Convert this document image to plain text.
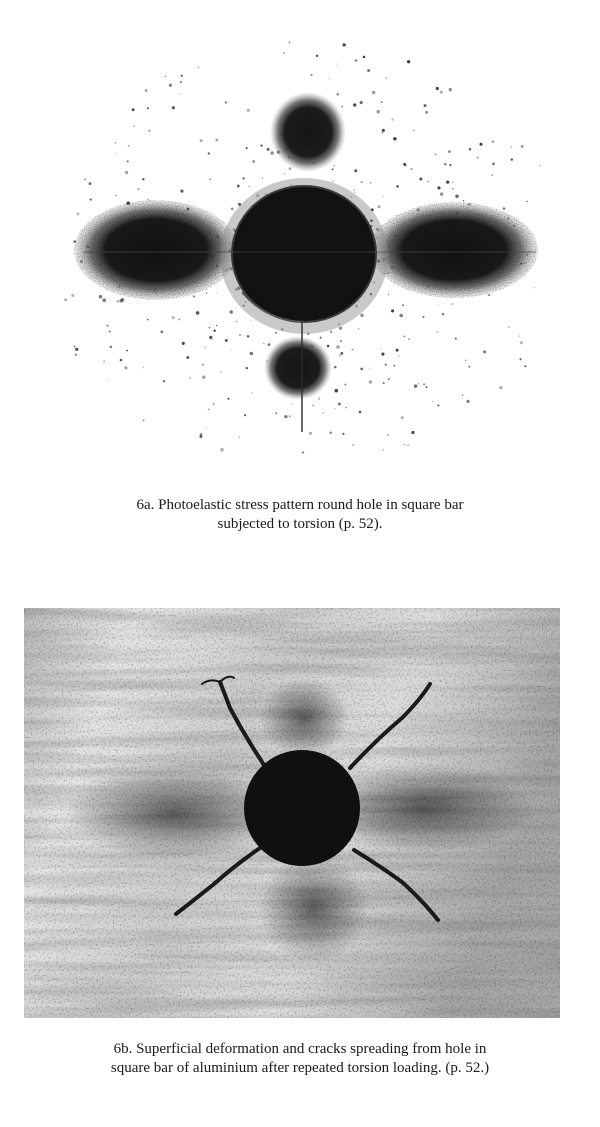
6a. Photoelastic stress pattern round hole in square bar
subjected to torsion (p. 52).
6b. Superficial deformation and cracks spreading from hole in
square bar of aluminium after repeated torsion loading. (p. 52.)
